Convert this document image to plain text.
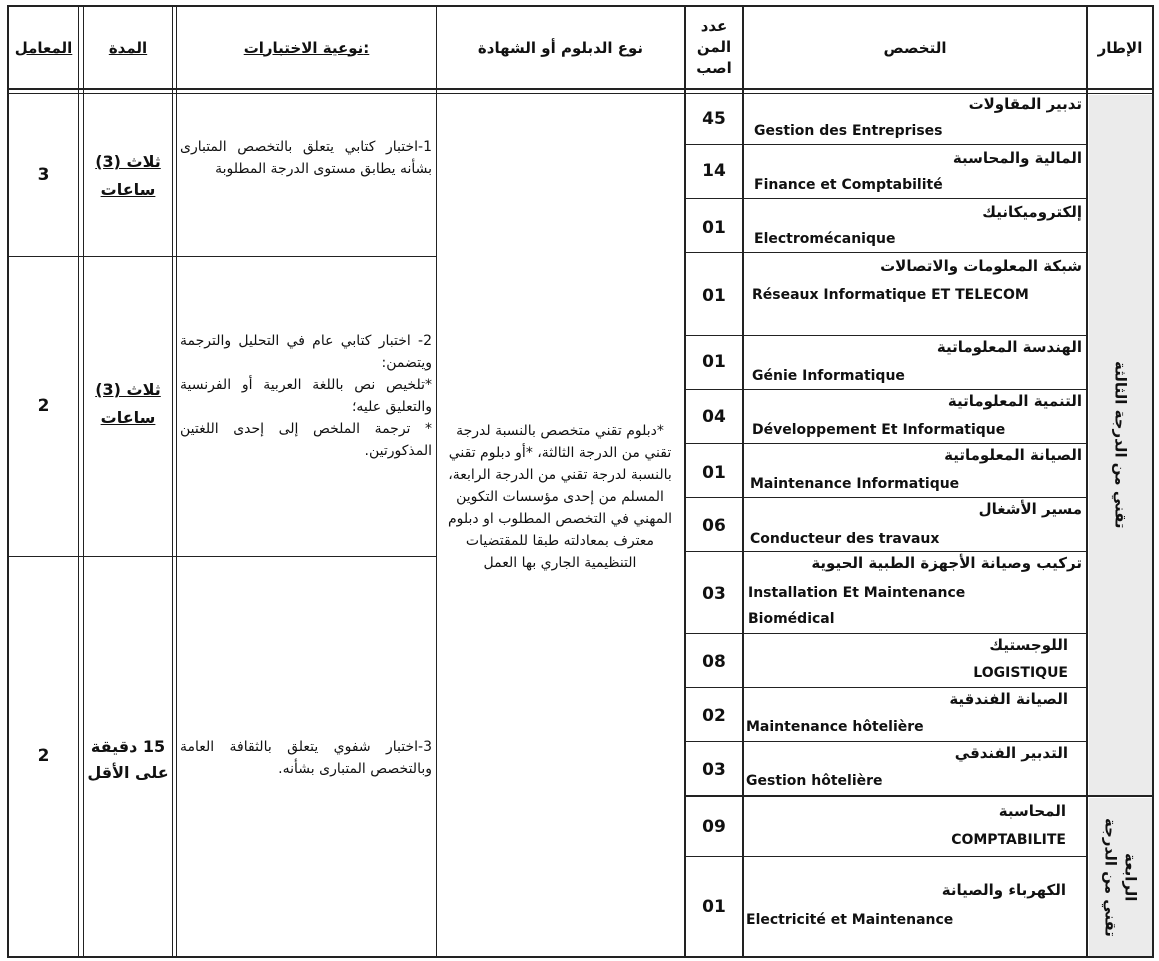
الإطار
التخصص
عدد
المن
اصب
نوع الدبلوم أو الشهادة
نوعية الاختبارات:
المدة
المعامل
تقني من الدرجة الثالثة
تقني من الدرجة الرابعة
تدبير المقاولات
Gestion des Entreprises
45
المالية والمحاسبة
Finance et Comptabilité
14
إلكتروميكانيك
Electromécanique
01
شبكة المعلومات والاتصالات
Réseaux Informatique ET TELECOM
01
الهندسة المعلوماتية
Génie Informatique
01
التنمية المعلوماتية
Développement Et Informatique
04
الصيانة المعلوماتية
Maintenance Informatique
01
مسير الأشغال
Conducteur des travaux
06
تركيب وصيانة الأجهزة الطبية الحيوية
Installation Et Maintenance
Biomédical
03
اللوجستيك
LOGISTIQUE
08
الصيانة الفندقية
Maintenance hôtelière
02
التدبير الفندقي
Gestion hôtelière
03
المحاسبة
COMPTABILITE
09
الكهرباء والصيانة
Electricité et Maintenance
01
*دبلوم تقني متخصص بالنسبة لدرجة تقني من الدرجة الثالثة، *أو دبلوم تقني بالنسبة لدرجة تقني من الدرجة الرابعة، المسلم من إحدى مؤسسات التكوين المهني في التخصص المطلوب او دبلوم معترف بمعادلته طبقا للمقتضيات التنظيمية الجاري بها العمل
1-اختبار كتابي يتعلق بالتخصص المتبارى بشأنه يطابق مستوى الدرجة المطلوبة
(3) ثلاث
ساعات
3
2- اختبار كتابي عام في التحليل والترجمة ويتضمن:
*تلخيص نص باللغة العربية أو الفرنسية والتعليق عليه؛
* ترجمة الملخص إلى إحدى اللغتين المذكورتين.
(3) ثلاث
ساعات
2
3-اختبار شفوي يتعلق بالثقافة العامة وبالتخصص المتبارى بشأنه.
15 دقيقة
على الأقل
2
